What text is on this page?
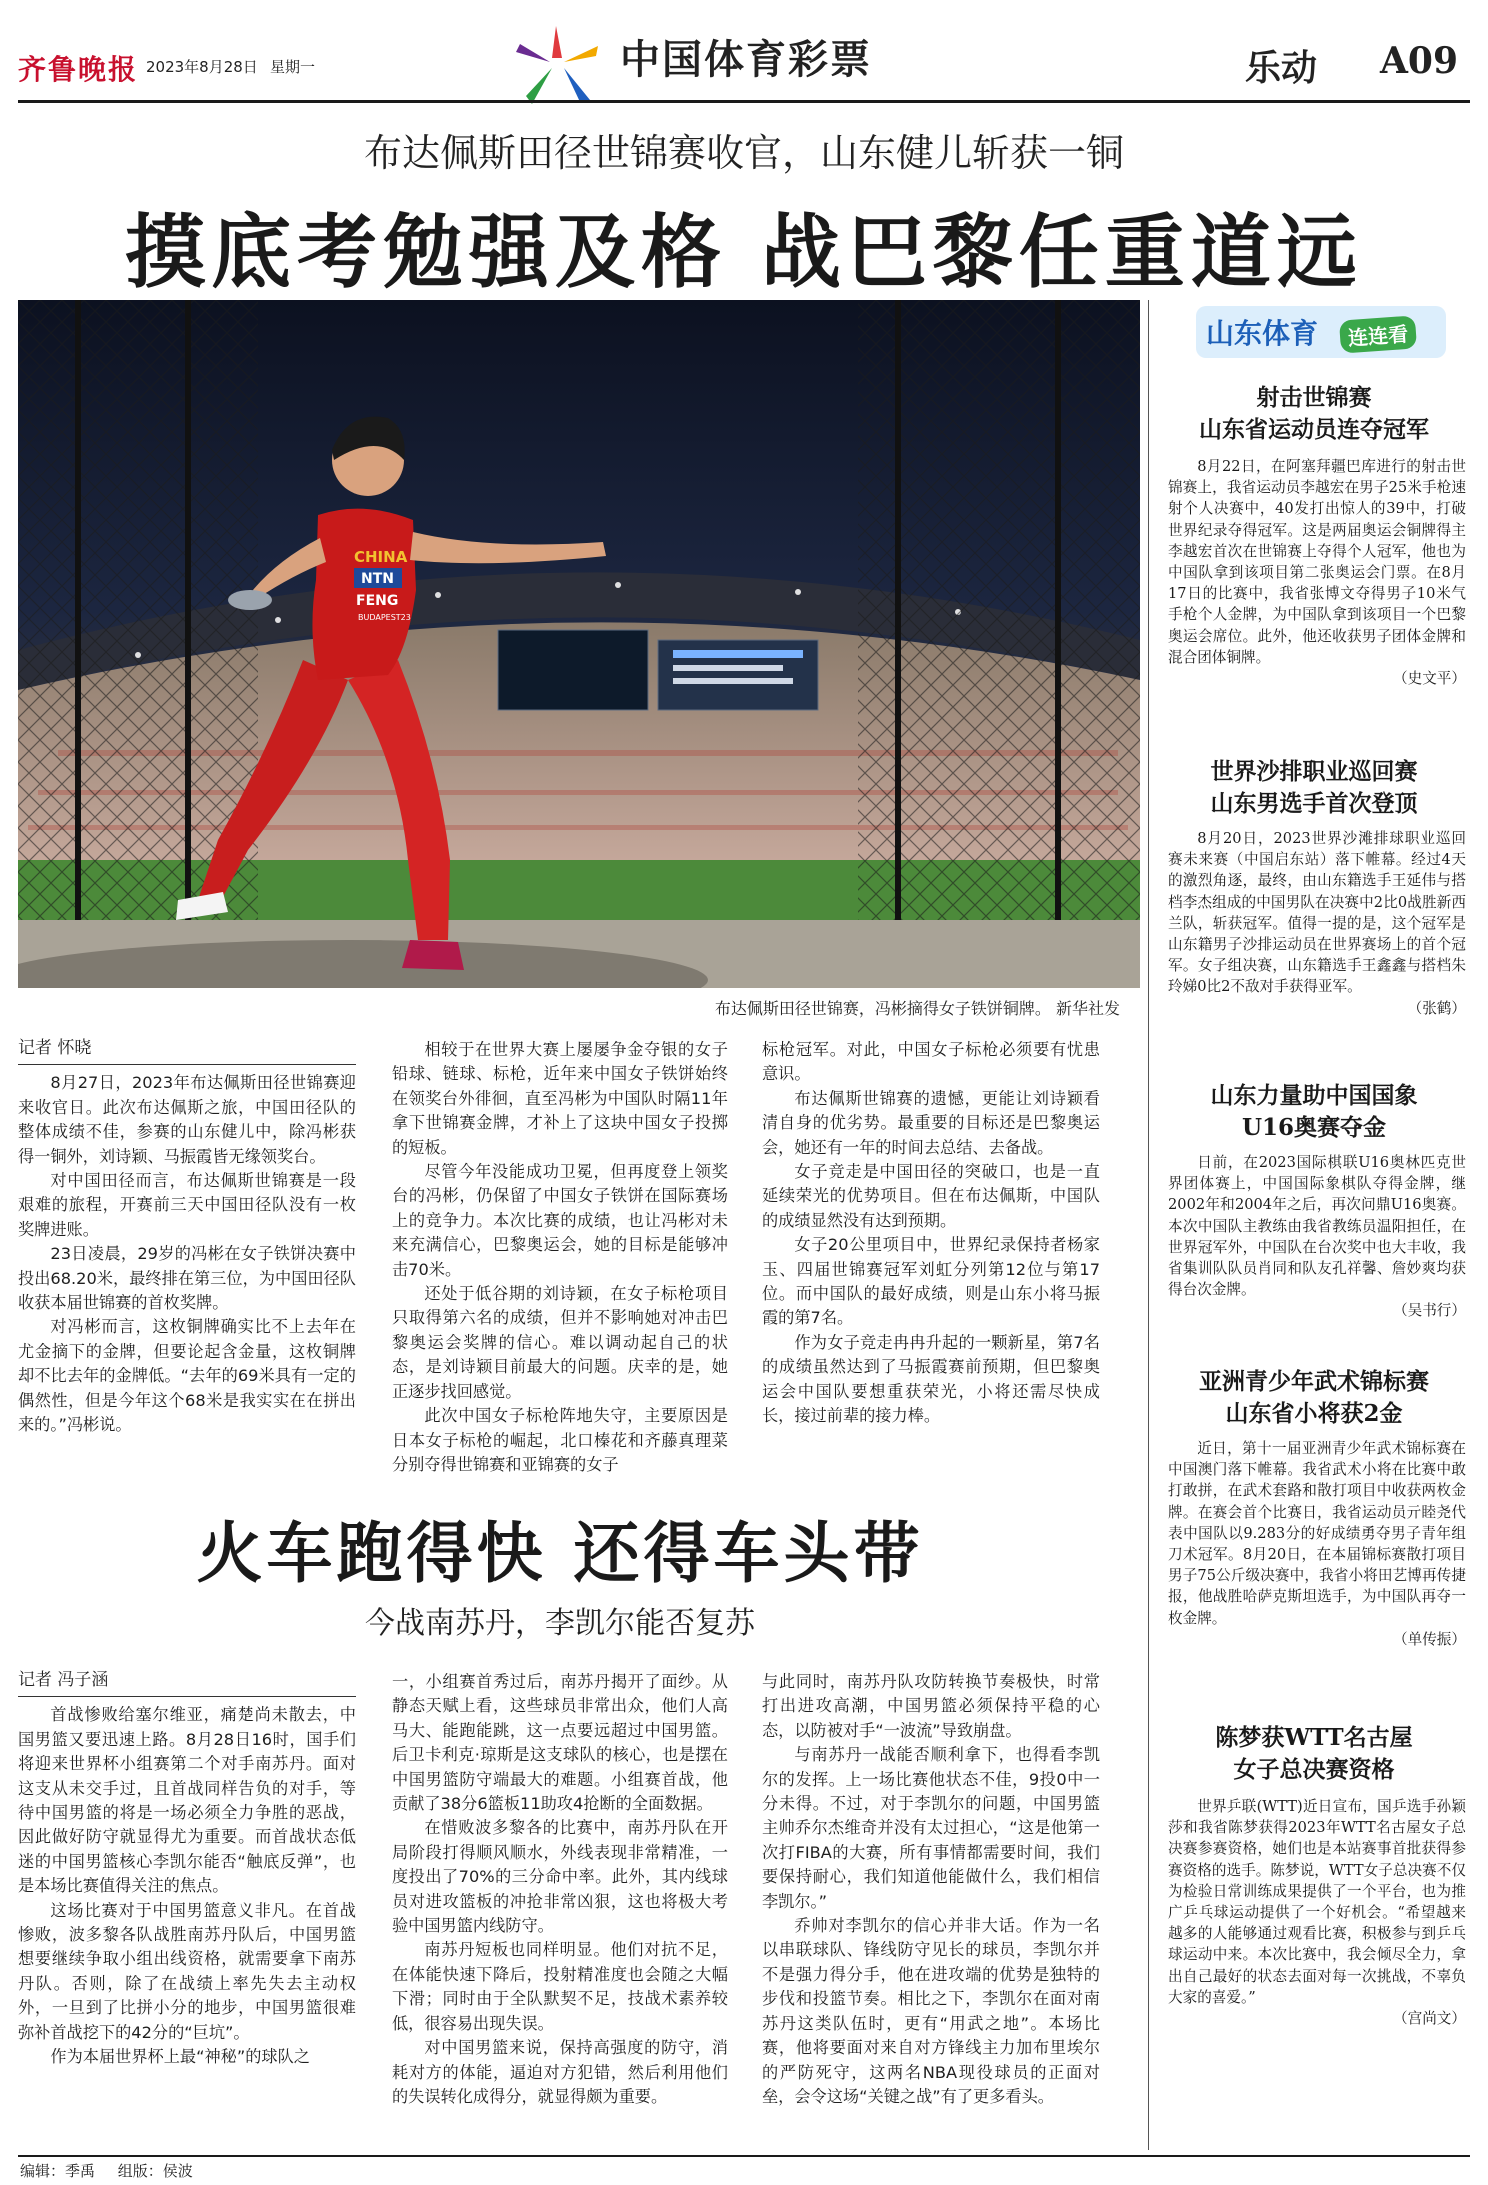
齐鲁晚报 2023年8月28日 星期一	中国体育彩票	乐动 A09
布达佩斯田径世锦赛收官，山东健儿斩获一铜
摸底考勉强及格 战巴黎任重道远
CHINA
NTN
FENG
BUDAPEST23
布达佩斯田径世锦赛，冯彬摘得女子铁饼铜牌。 新华社发
记者 怀晓

8月27日，2023年布达佩斯田径世锦赛迎来收官日。此次布达佩斯之旅，中国田径队的整体成绩不佳，参赛的山东健儿中，除冯彬获得一铜外，刘诗颖、马振霞皆无缘领奖台。

对中国田径而言，布达佩斯世锦赛是一段艰难的旅程，开赛前三天中国田径队没有一枚奖牌进账。

23日凌晨，29岁的冯彬在女子铁饼决赛中投出68.20米，最终排在第三位，为中国田径队收获本届世锦赛的首枚奖牌。

对冯彬而言，这枚铜牌确实比不上去年在尤金摘下的金牌，但要论起含金量，这枚铜牌却不比去年的金牌低。“去年的69米具有一定的偶然性，但是今年这个68米是我实实在在拼出来的。”冯彬说。

相较于在世界大赛上屡屡争金夺银的女子铅球、链球、标枪，近年来中国女子铁饼始终在领奖台外徘徊，直至冯彬为中国队时隔11年拿下世锦赛金牌，才补上了这块中国女子投掷的短板。

尽管今年没能成功卫冕，但再度登上领奖台的冯彬，仍保留了中国女子铁饼在国际赛场上的竞争力。本次比赛的成绩，也让冯彬对未来充满信心，巴黎奥运会，她的目标是能够冲击70米。

还处于低谷期的刘诗颖，在女子标枪项目只取得第六名的成绩，但并不影响她对冲击巴黎奥运会奖牌的信心。难以调动起自己的状态，是刘诗颖目前最大的问题。庆幸的是，她正逐步找回感觉。

此次中国女子标枪阵地失守，主要原因是日本女子标枪的崛起，北口榛花和齐藤真理菜分别夺得世锦赛和亚锦赛的女子

标枪冠军。对此，中国女子标枪必须要有忧患意识。

布达佩斯世锦赛的遗憾，更能让刘诗颖看清自身的优劣势。最重要的目标还是巴黎奥运会，她还有一年的时间去总结、去备战。

女子竞走是中国田径的突破口，也是一直延续荣光的优势项目。但在布达佩斯，中国队的成绩显然没有达到预期。

女子20公里项目中，世界纪录保持者杨家玉、四届世锦赛冠军刘虹分列第12位与第17位。而中国队的最好成绩，则是山东小将马振霞的第7名。

作为女子竞走冉冉升起的一颗新星，第7名的成绩虽然达到了马振霞赛前预期，但巴黎奥运会中国队要想重获荣光，小将还需尽快成长，接过前辈的接力棒。

火车跑得快 还得车头带
今战南苏丹，李凯尔能否复苏
记者 冯子涵

首战惨败给塞尔维亚，痛楚尚未散去，中国男篮又要迅速上路。8月28日16时，国手们将迎来世界杯小组赛第二个对手南苏丹。面对这支从未交手过，且首战同样告负的对手，等待中国男篮的将是一场必须全力争胜的恶战，因此做好防守就显得尤为重要。而首战状态低迷的中国男篮核心李凯尔能否“触底反弹”，也是本场比赛值得关注的焦点。

这场比赛对于中国男篮意义非凡。在首战惨败，波多黎各队战胜南苏丹队后，中国男篮想要继续争取小组出线资格，就需要拿下南苏丹队。否则，除了在战绩上率先失去主动权外，一旦到了比拼小分的地步，中国男篮很难弥补首战挖下的42分的“巨坑”。

作为本届世界杯上最“神秘”的球队之

一，小组赛首秀过后，南苏丹揭开了面纱。从静态天赋上看，这些球员非常出众，他们人高马大、能跑能跳，这一点要远超过中国男篮。后卫卡利克·琼斯是这支球队的核心，也是摆在中国男篮防守端最大的难题。小组赛首战，他贡献了38分6篮板11助攻4抢断的全面数据。

在惜败波多黎各的比赛中，南苏丹队在开局阶段打得顺风顺水，外线表现非常精准，一度投出了70%的三分命中率。此外，其内线球员对进攻篮板的冲抢非常凶狠，这也将极大考验中国男篮内线防守。

南苏丹短板也同样明显。他们对抗不足，在体能快速下降后，投射精准度也会随之大幅下滑；同时由于全队默契不足，技战术素养较低，很容易出现失误。

对中国男篮来说，保持高强度的防守，消耗对方的体能，逼迫对方犯错，然后利用他们的失误转化成得分，就显得颇为重要。

与此同时，南苏丹队攻防转换节奏极快，时常打出进攻高潮，中国男篮必须保持平稳的心态，以防被对手“一波流”导致崩盘。

与南苏丹一战能否顺利拿下，也得看李凯尔的发挥。上一场比赛他状态不佳，9投0中一分未得。不过，对于李凯尔的问题，中国男篮主帅乔尔杰维奇并没有太过担心，“这是他第一次打FIBA的大赛，所有事情都需要时间，我们要保持耐心，我们知道他能做什么，我们相信李凯尔。”

乔帅对李凯尔的信心并非大话。作为一名以串联球队、锋线防守见长的球员，李凯尔并不是强力得分手，他在进攻端的优势是独特的步伐和投篮节奏。相比之下，李凯尔在面对南苏丹这类队伍时，更有“用武之地”。本场比赛，他将要面对来自对方锋线主力加布里埃尔的严防死守，这两名NBA现役球员的正面对垒，会令这场“关键之战”有了更多看头。

山东体育	连连看
射击世锦赛
山东省运动员连夺冠军

8月22日，在阿塞拜疆巴库进行的射击世锦赛上，我省运动员李越宏在男子25米手枪速射个人决赛中，40发打出惊人的39中，打破世界纪录夺得冠军。这是两届奥运会铜牌得主李越宏首次在世锦赛上夺得个人冠军，他也为中国队拿到该项目第二张奥运会门票。在8月17日的比赛中，我省张博文夺得男子10米气手枪个人金牌，为中国队拿到该项目一个巴黎奥运会席位。此外，他还收获男子团体金牌和混合团体铜牌。

（史文平）
世界沙排职业巡回赛
山东男选手首次登顶

8月20日，2023世界沙滩排球职业巡回赛未来赛（中国启东站）落下帷幕。经过4天的激烈角逐，最终，由山东籍选手王延伟与搭档李杰组成的中国男队在决赛中2比0战胜新西兰队，斩获冠军。值得一提的是，这个冠军是山东籍男子沙排运动员在世界赛场上的首个冠军。女子组决赛，山东籍选手王鑫鑫与搭档朱玲娣0比2不敌对手获得亚军。

（张鹤）
山东力量助中国国象
U16奥赛夺金

日前，在2023国际棋联U16奥林匹克世界团体赛上，中国国际象棋队夺得金牌，继2002年和2004年之后，再次问鼎U16奥赛。本次中国队主教练由我省教练员温阳担任，在世界冠军外，中国队在台次奖中也大丰收，我省集训队队员肖同和队友孔祥馨、詹妙爽均获得台次金牌。

（吴书行）
亚洲青少年武术锦标赛
山东省小将获2金

近日，第十一届亚洲青少年武术锦标赛在中国澳门落下帷幕。我省武术小将在比赛中敢打敢拼，在武术套路和散打项目中收获两枚金牌。在赛会首个比赛日，我省运动员亓睦尧代表中国队以9.283分的好成绩勇夺男子青年组刀术冠军。8月20日，在本届锦标赛散打项目男子75公斤级决赛中，我省小将田艺博再传捷报，他战胜哈萨克斯坦选手，为中国队再夺一枚金牌。

（单传振）
陈梦获WTT名古屋
女子总决赛资格

世界乒联(WTT)近日宣布，国乒选手孙颖莎和我省陈梦获得2023年WTT名古屋女子总决赛参赛资格，她们也是本站赛事首批获得参赛资格的选手。陈梦说，WTT女子总决赛不仅为检验日常训练成果提供了一个平台，也为推广乒乓球运动提供了一个好机会。“希望越来越多的人能够通过观看比赛，积极参与到乒乓球运动中来。本次比赛中，我会倾尽全力，拿出自己最好的状态去面对每一次挑战，不辜负大家的喜爱。”

（宫尚文）
编辑：季禹 组版：侯波
